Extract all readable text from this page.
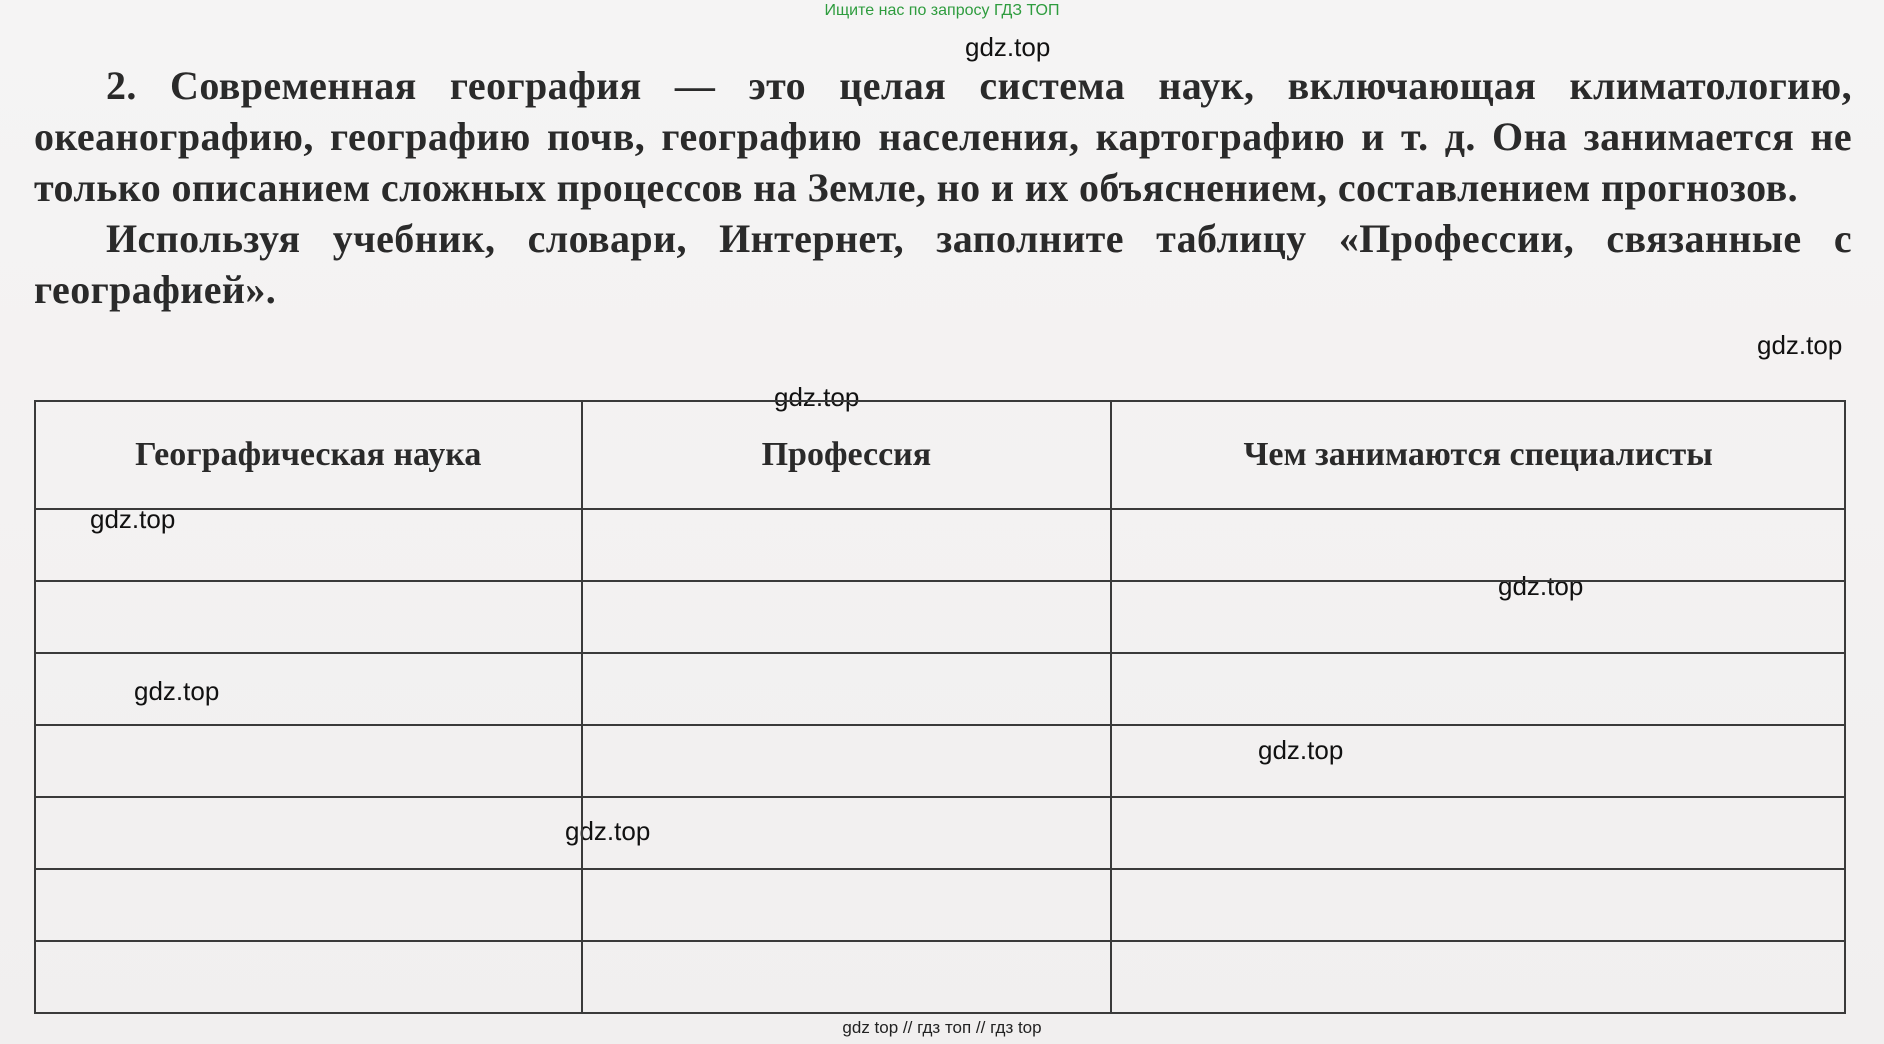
Ищите нас по запросу ГДЗ ТОП
gdz.top
gdz.top
gdz.top
gdz.top
gdz.top
gdz.top
gdz.top
gdz.top

2. Современная география — это целая система наук, включающая климатологию, океанографию, географию почв, географию населения, картографию и т. д. Она занимается не только описанием сложных процессов на Земле, но и их объяснением, составлением прогнозов.

Используя учебник, словари, Интернет, заполните таблицу «Профессии, связанные с географией».

Географическая наука	Профессия	Чем занимаются специалисты

gdz top // гдз топ // гдз top
